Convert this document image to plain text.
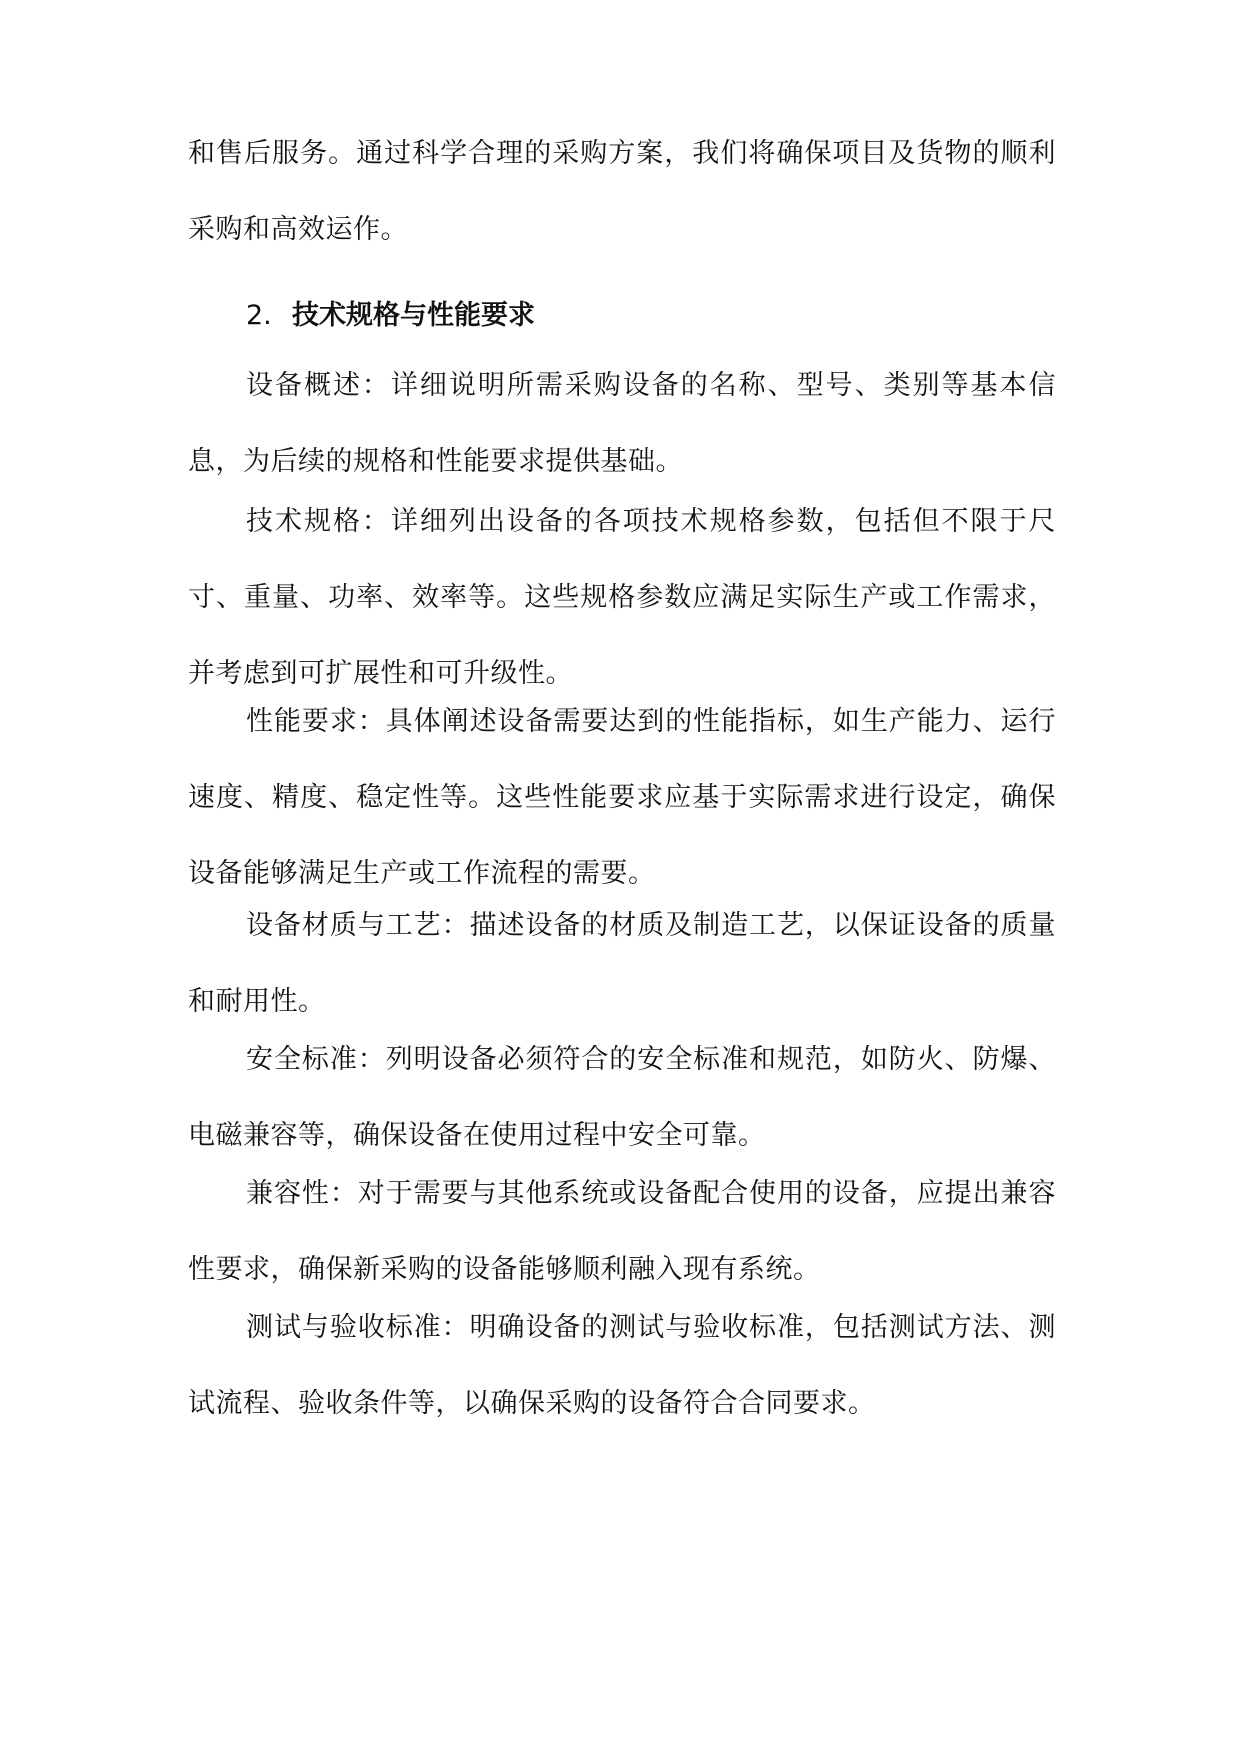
和售后服务。通过科学合理的采购方案，我们将确保项目及货物的顺利采购和高效运作。

2. 技术规格与性能要求

设备概述：详细说明所需采购设备的名称、型号、类别等基本信息，为后续的规格和性能要求提供基础。

技术规格：详细列出设备的各项技术规格参数，包括但不限于尺寸、重量、功率、效率等。这些规格参数应满足实际生产或工作需求，并考虑到可扩展性和可升级性。

性能要求：具体阐述设备需要达到的性能指标，如生产能力、运行速度、精度、稳定性等。这些性能要求应基于实际需求进行设定，确保设备能够满足生产或工作流程的需要。

设备材质与工艺：描述设备的材质及制造工艺，以保证设备的质量和耐用性。

安全标准：列明设备必须符合的安全标准和规范，如防火、防爆、电磁兼容等，确保设备在使用过程中安全可靠。

兼容性：对于需要与其他系统或设备配合使用的设备，应提出兼容性要求，确保新采购的设备能够顺利融入现有系统。

测试与验收标准：明确设备的测试与验收标准，包括测试方法、测试流程、验收条件等，以确保采购的设备符合合同要求。
